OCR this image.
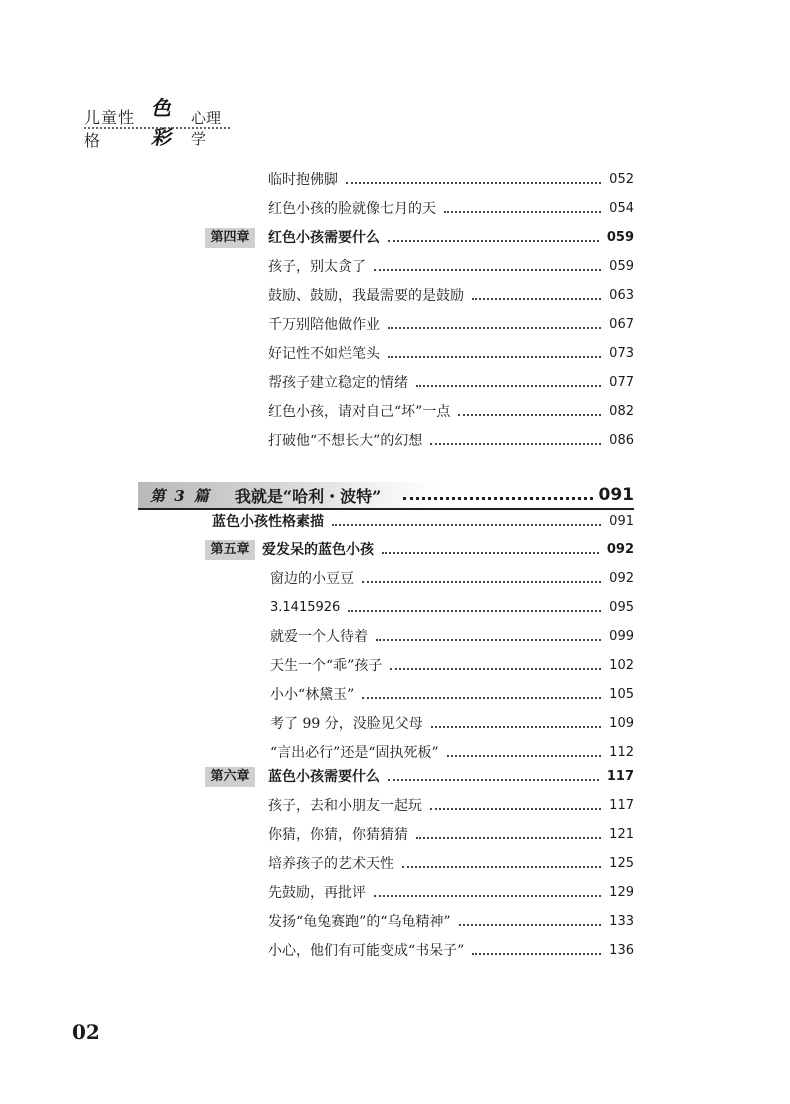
儿童性格
色彩
心理学
临时抱佛脚	052
红色小孩的脸就像七月的天	054
第四章	红色小孩需要什么	059
孩子，别太贪了	059
鼓励、鼓励，我最需要的是鼓励	063
千万别陪他做作业	067
好记性不如烂笔头	073
帮孩子建立稳定的情绪	077
红色小孩，请对自己“坏”一点	082
打破他“不想长大”的幻想	086
第 3 篇 我就是“哈利・波特”	091
蓝色小孩性格素描	091
第五章 爱发呆的蓝色小孩	092
窗边的小豆豆	092
3.1415926	095
就爱一个人待着	099
天生一个“乖”孩子	102
小小“林黛玉”	105
考了 99 分，没脸见父母	109
“言出必行”还是“固执死板”	112
第六章	蓝色小孩需要什么	117
孩子，去和小朋友一起玩	117
你猜，你猜，你猜猜猜	121
培养孩子的艺术天性	125
先鼓励，再批评	129
发扬“龟兔赛跑”的“乌龟精神”	133
小心，他们有可能变成“书呆子”	136
02
